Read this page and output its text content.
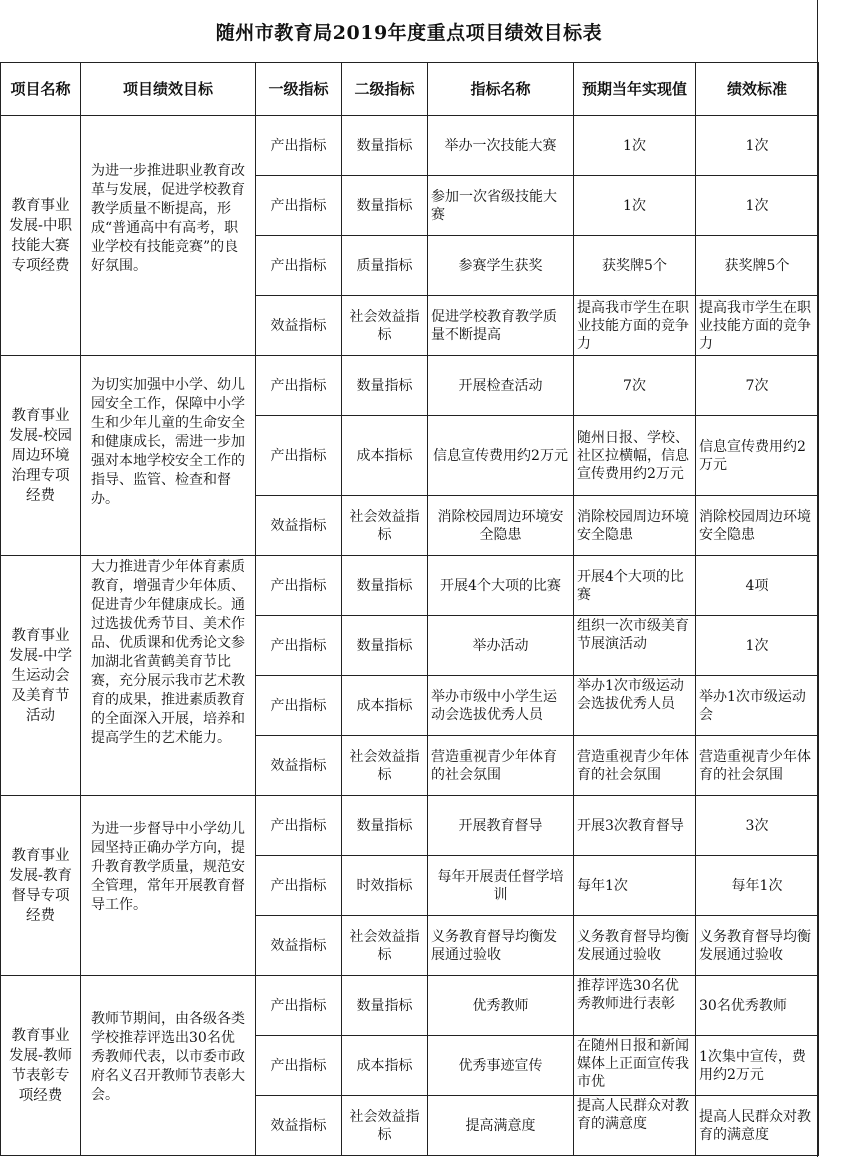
随州市教育局2019年度重点项目绩效目标表
项目名称	项目绩效目标	一级指标	二级指标	指标名称	预期当年实现值	绩效标准
教育事业发展-中职技能大赛专项经费	为进一步推进职业教育改革与发展，促进学校教育教学质量不断提高，形成“普通高中有高考，职业学校有技能竞赛”的良好氛围。	产出指标	数量指标	举办一次技能大赛	1次	1次
		产出指标	数量指标	参加一次省级技能大赛	1次	1次
		产出指标	质量指标	参赛学生获奖	获奖牌5个	获奖牌5个
		效益指标	社会效益指标	促进学校教育教学质量不断提高	提高我市学生在职业技能方面的竞争力	提高我市学生在职业技能方面的竞争力
教育事业发展-校园周边环境治理专项经费	为切实加强中小学、幼儿园安全工作，保障中小学生和少年儿童的生命安全和健康成长，需进一步加强对本地学校安全工作的指导、监管、检查和督办。	产出指标	数量指标	开展检查活动	7次	7次
		产出指标	成本指标	信息宣传费用约2万元	随州日报、学校、社区拉横幅，信息宣传费用约2万元	信息宣传费用约2万元
		效益指标	社会效益指标	消除校园周边环境安全隐患	消除校园周边环境安全隐患	消除校园周边环境安全隐患
教育事业发展-中学生运动会及美育节活动	大力推进青少年体育素质教育，增强青少年体质、促进青少年健康成长。通过选拔优秀节目、美术作品、优质课和优秀论文参加湖北省黄鹤美育节比赛，充分展示我市艺术教育的成果，推进素质教育的全面深入开展，培养和提高学生的艺术能力。	产出指标	数量指标	开展4个大项的比赛	开展4个大项的比赛	4项
		产出指标	数量指标	举办活动	组织一次市级美育节展演活动	1次
		产出指标	成本指标	举办市级中小学生运动会选拔优秀人员	举办1次市级运动会选拔优秀人员	举办1次市级运动会
		效益指标	社会效益指标	营造重视青少年体育的社会氛围	营造重视青少年体育的社会氛围	营造重视青少年体育的社会氛围
教育事业发展-教育督导专项经费	为进一步督导中小学幼儿园坚持正确办学方向，提升教育教学质量，规范安全管理，常年开展教育督导工作。	产出指标	数量指标	开展教育督导	开展3次教育督导	3次
		产出指标	时效指标	每年开展责任督学培训	每年1次	每年1次
		效益指标	社会效益指标	义务教育督导均衡发展通过验收	义务教育督导均衡发展通过验收	义务教育督导均衡发展通过验收
教育事业发展-教师节表彰专项经费	教师节期间，由各级各类学校推荐评选出30名优秀教师代表，以市委市政府名义召开教师节表彰大会。	产出指标	数量指标	优秀教师	推荐评选30名优秀教师进行表彰	30名优秀教师
		产出指标	成本指标	优秀事迹宣传	在随州日报和新闻媒体上正面宣传我市优	1次集中宣传，费用约2万元
		效益指标	社会效益指标	提高满意度	提高人民群众对教育的满意度	提高人民群众对教育的满意度
